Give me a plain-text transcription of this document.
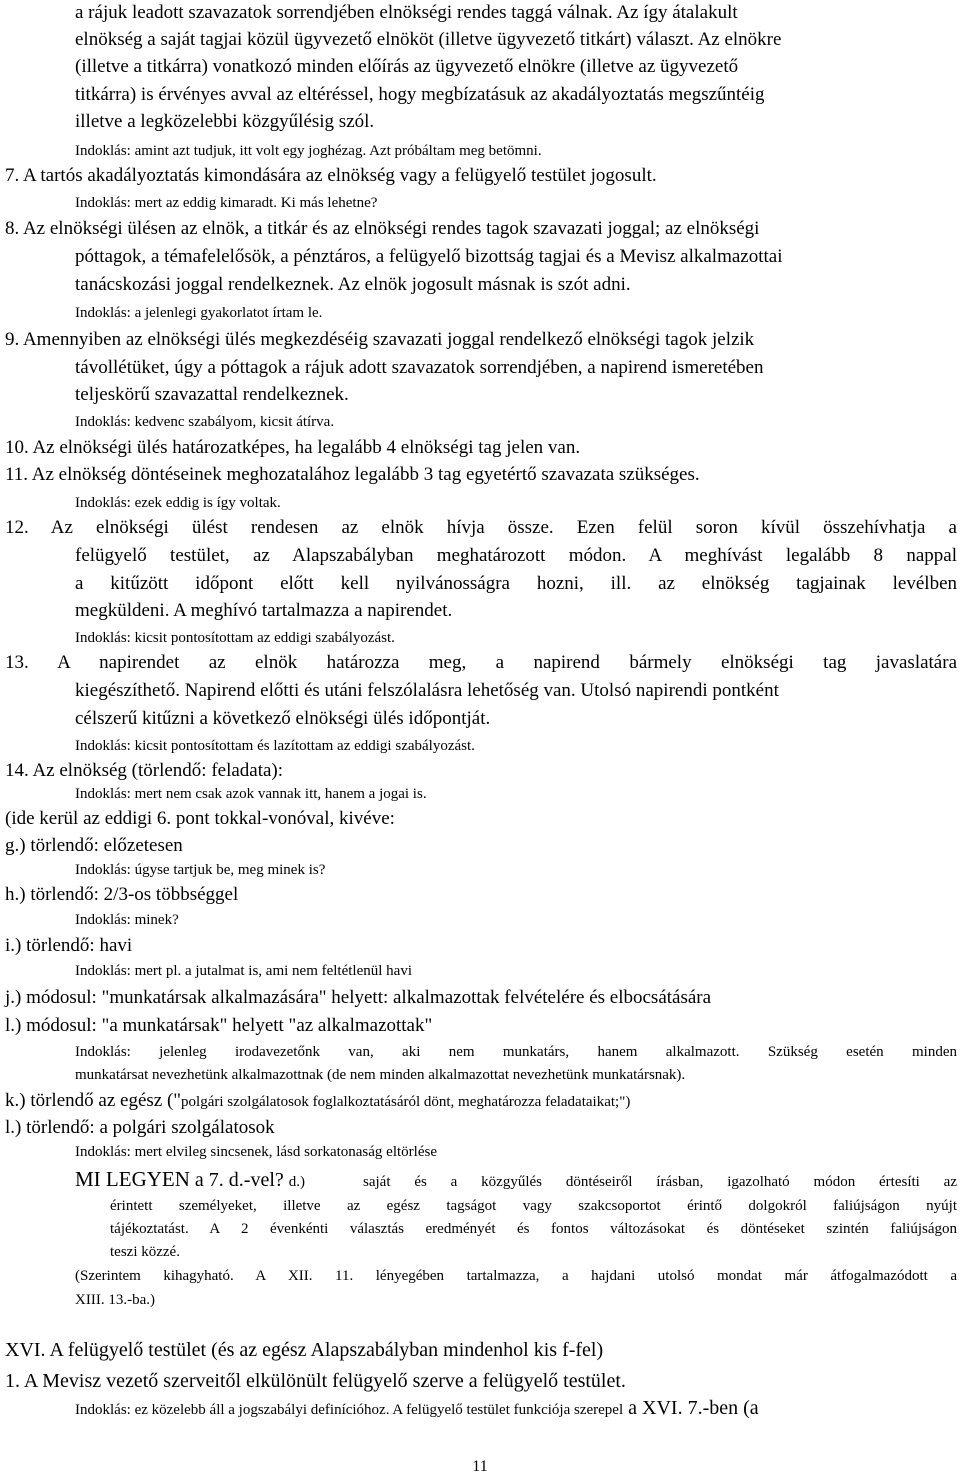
a rájuk leadott szavazatok sorrendjében elnökségi rendes taggá válnak. Az így átalakult
elnökség a saját tagjai közül ügyvezető elnököt (illetve ügyvezető titkárt) választ. Az elnökre
(illetve a titkárra) vonatkozó minden előírás az ügyvezető elnökre (illetve az ügyvezető
titkárra) is érvényes avval az eltéréssel, hogy megbízatásuk az akadályoztatás megszűntéig
illetve a legközelebbi közgyűlésig szól.
Indoklás: amint azt tudjuk, itt volt egy joghézag. Azt próbáltam meg betömni.
7. A tartós akadályoztatás kimondására az elnökség vagy a felügyelő testület jogosult.
Indoklás: mert az eddig kimaradt. Ki más lehetne?
8. Az elnökségi ülésen az elnök, a titkár és az elnökségi rendes tagok szavazati joggal; az elnökségi
póttagok, a témafelelősök, a pénztáros, a felügyelő bizottság tagjai és a Mevisz alkalmazottai
tanácskozási joggal rendelkeznek. Az elnök jogosult másnak is szót adni.
Indoklás: a jelenlegi gyakorlatot írtam le.
9. Amennyiben az elnökségi ülés megkezdéséig szavazati joggal rendelkező elnökségi tagok jelzik
távollétüket, úgy a póttagok a rájuk adott szavazatok sorrendjében, a napirend ismeretében
teljeskörű szavazattal rendelkeznek.
Indoklás: kedvenc szabályom, kicsit átírva.
10. Az elnökségi ülés határozatképes, ha legalább 4 elnökségi tag jelen van.
11. Az elnökség döntéseinek meghozatalához legalább 3 tag egyetértő szavazata szükséges.
Indoklás: ezek eddig is így voltak.
12. Az elnökségi ülést rendesen az elnök hívja össze. Ezen felül soron kívül összehívhatja a
felügyelő testület, az Alapszabályban meghatározott módon. A meghívást legalább 8 nappal
a kitűzött időpont előtt kell nyilvánosságra hozni, ill. az elnökség tagjainak levélben
megküldeni. A meghívó tartalmazza a napirendet.
Indoklás: kicsit pontosítottam az eddigi szabályozást.
13. A napirendet az elnök határozza meg, a napirend bármely elnökségi tag javaslatára
kiegészíthető. Napirend előtti és utáni felszólalásra lehetőség van. Utolsó napirendi pontként
célszerű kitűzni a következő elnökségi ülés időpontját.
Indoklás: kicsit pontosítottam és lazítottam az eddigi szabályozást.
14. Az elnökség (törlendő: feladata):
Indoklás: mert nem csak azok vannak itt, hanem a jogai is.
(ide kerül az eddigi 6. pont tokkal-vonóval, kivéve:
g.) törlendő: előzetesen
Indoklás: úgyse tartjuk be, meg minek is?
h.) törlendő: 2/3-os többséggel
Indoklás: minek?
i.) törlendő: havi
Indoklás: mert pl. a jutalmat is, ami nem feltétlenül havi
j.) módosul: "munkatársak alkalmazására" helyett: alkalmazottak felvételére és elbocsátására
l.) módosul: "a munkatársak" helyett "az alkalmazottak"
Indoklás: jelenleg irodavezetőnk van, aki nem munkatárs, hanem alkalmazott. Szükség esetén minden
munkatársat nevezhetünk alkalmazottnak (de nem minden alkalmazottat nevezhetünk munkatársnak).
k.) törlendő az egész ("polgári szolgálatosok foglalkoztatásáról dönt, meghatározza feladataikat;")
l.) törlendő: a polgári szolgálatosok
Indoklás: mert elvileg sincsenek, lásd sorkatonaság eltörlése
MI LEGYEN a 7. d.-vel? d.)	saját és a közgyűlés döntéseiről írásban, igazolható módon értesíti az
érintett személyeket, illetve az egész tagságot vagy szakcsoportot érintő dolgokról faliújságon nyújt
tájékoztatást. A 2 évenkénti választás eredményét és fontos változásokat és döntéseket szintén faliújságon
teszi közzé.
(Szerintem kihagyható. A XII. 11. lényegében tartalmazza, a hajdani utolsó mondat már átfogalmazódott a
XIII. 13.-ba.)
XVI. A felügyelő testület (és az egész Alapszabályban mindenhol kis f-fel)
1. A Mevisz vezető szerveitől elkülönült felügyelő szerve a felügyelő testület.
Indoklás: ez közelebb áll a jogszabályi definícióhoz. A felügyelő testület funkciója szerepel a XVI. 7.-ben (a
11
